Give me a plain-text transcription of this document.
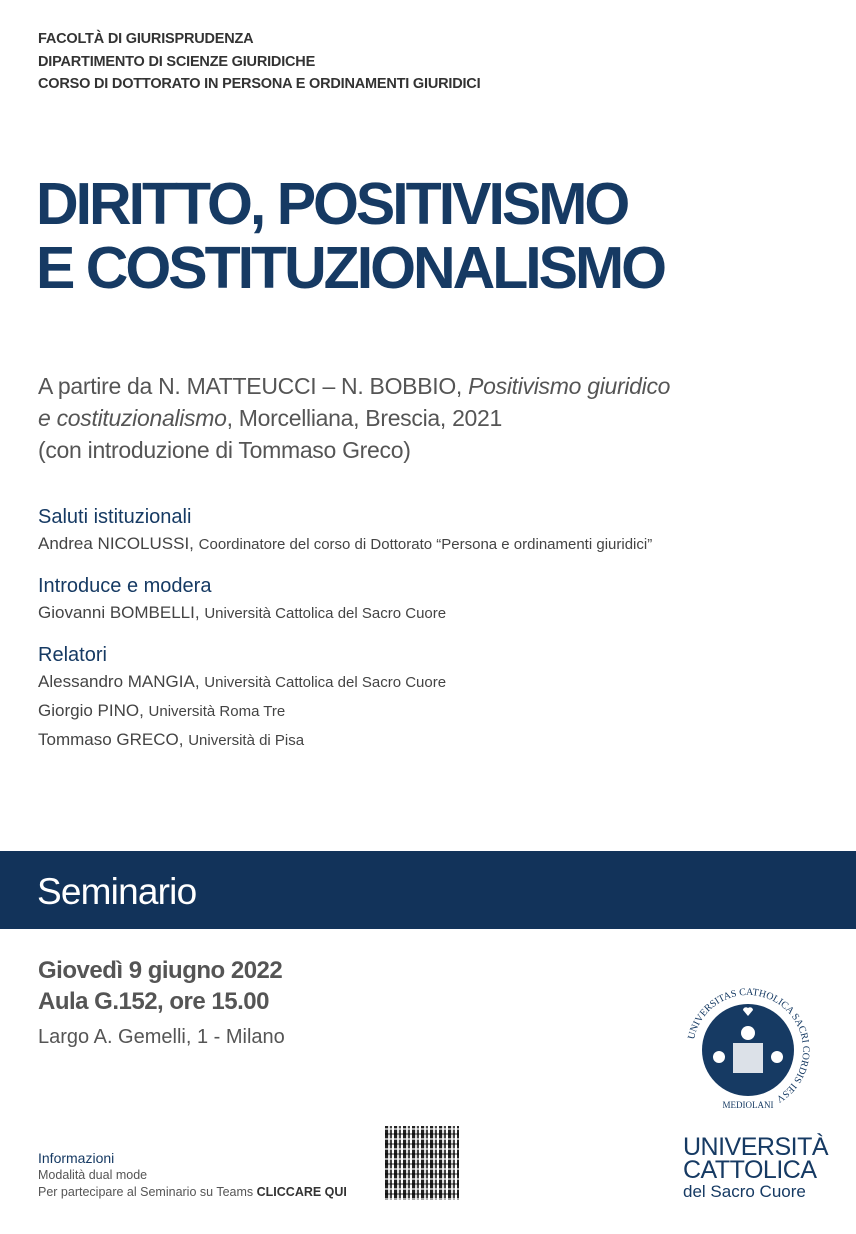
FACOLTÀ DI GIURISPRUDENZA
DIPARTIMENTO DI SCIENZE GIURIDICHE
CORSO DI DOTTORATO IN PERSONA E ORDINAMENTI GIURIDICI
DIRITTO, POSITIVISMO
E COSTITUZIONALISMO
A partire da N. MATTEUCCI – N. BOBBIO, Positivismo giuridico
e costituzionalismo, Morcelliana, Brescia, 2021
(con introduzione di Tommaso Greco)
Saluti istituzionali
Andrea NICOLUSSI, Coordinatore del corso di Dottorato “Persona e ordinamenti giuridici”
Introduce e modera
Giovanni BOMBELLI, Università Cattolica del Sacro Cuore
Relatori
Alessandro MANGIA, Università Cattolica del Sacro Cuore
Giorgio PINO, Università Roma Tre
Tommaso GRECO, Università di Pisa
Seminario
Giovedì 9 giugno 2022
Aula G.152, ore 15.00
Largo A. Gemelli, 1 - Milano
Informazioni
Modalità dual mode
Per partecipare al Seminario su Teams CLICCARE QUI
UNIVERSITAS CATHOLICA SACRI CORDIS IESV
MEDIOLANI
UNIVERSITÀ
CATTOLICA
del Sacro Cuore
